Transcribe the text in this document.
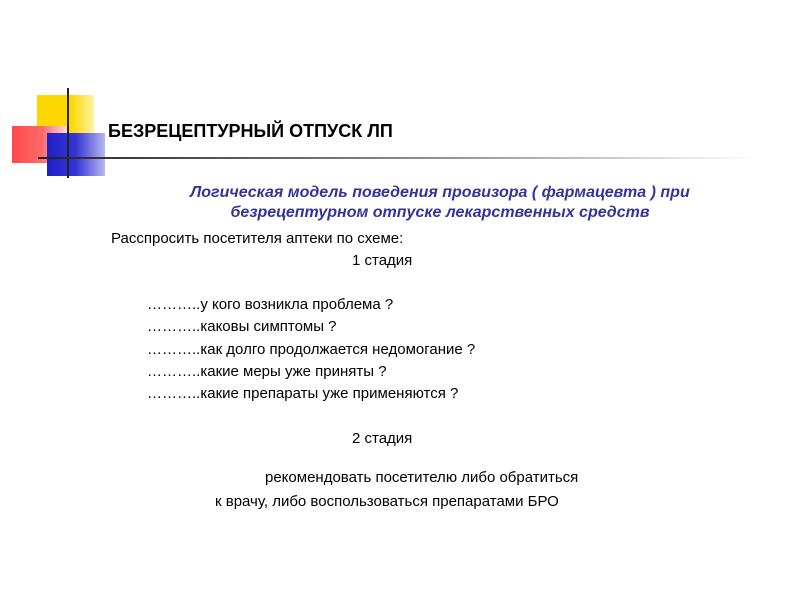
БЕЗРЕЦЕПТУРНЫЙ ОТПУСК ЛП
Логическая модель поведения провизора ( фармацевта ) при
безрецептурном отпуске лекарственных средств
Расспросить посетителя аптеки по схеме:
1 стадия
………..у кого возникла проблема ?
………..каковы симптомы ?
………..как долго продолжается недомогание ?
………..какие меры уже приняты ?
………..какие препараты уже применяются ?
2 стадия
рекомендовать посетителю либо обратиться
к врачу, либо воспользоваться препаратами БРО
